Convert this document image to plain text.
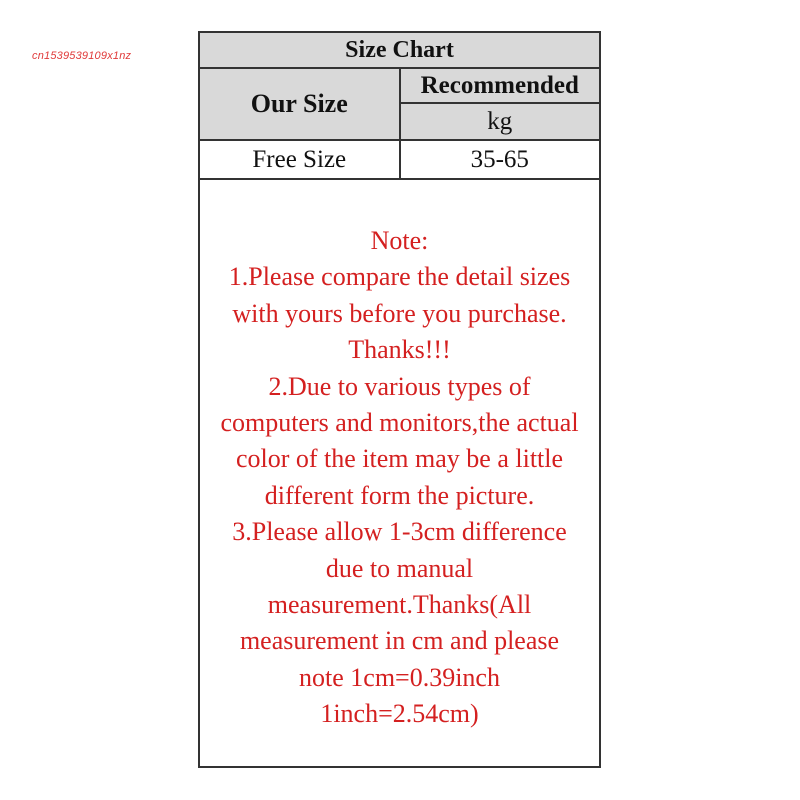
cn1539539109x1nz	Size Chart	
Our Size	Recommended
	kg
Free Size	35-65
Note:
1.Please compare the detail sizes
with yours before you purchase.
Thanks!!!
2.Due to various types of
computers and monitors,the actual
color of the item may be a little
different form the picture.
3.Please allow 1-3cm difference
due to manual
measurement.Thanks(All
measurement in cm and please
note 1cm=0.39inch
1inch=2.54cm)
